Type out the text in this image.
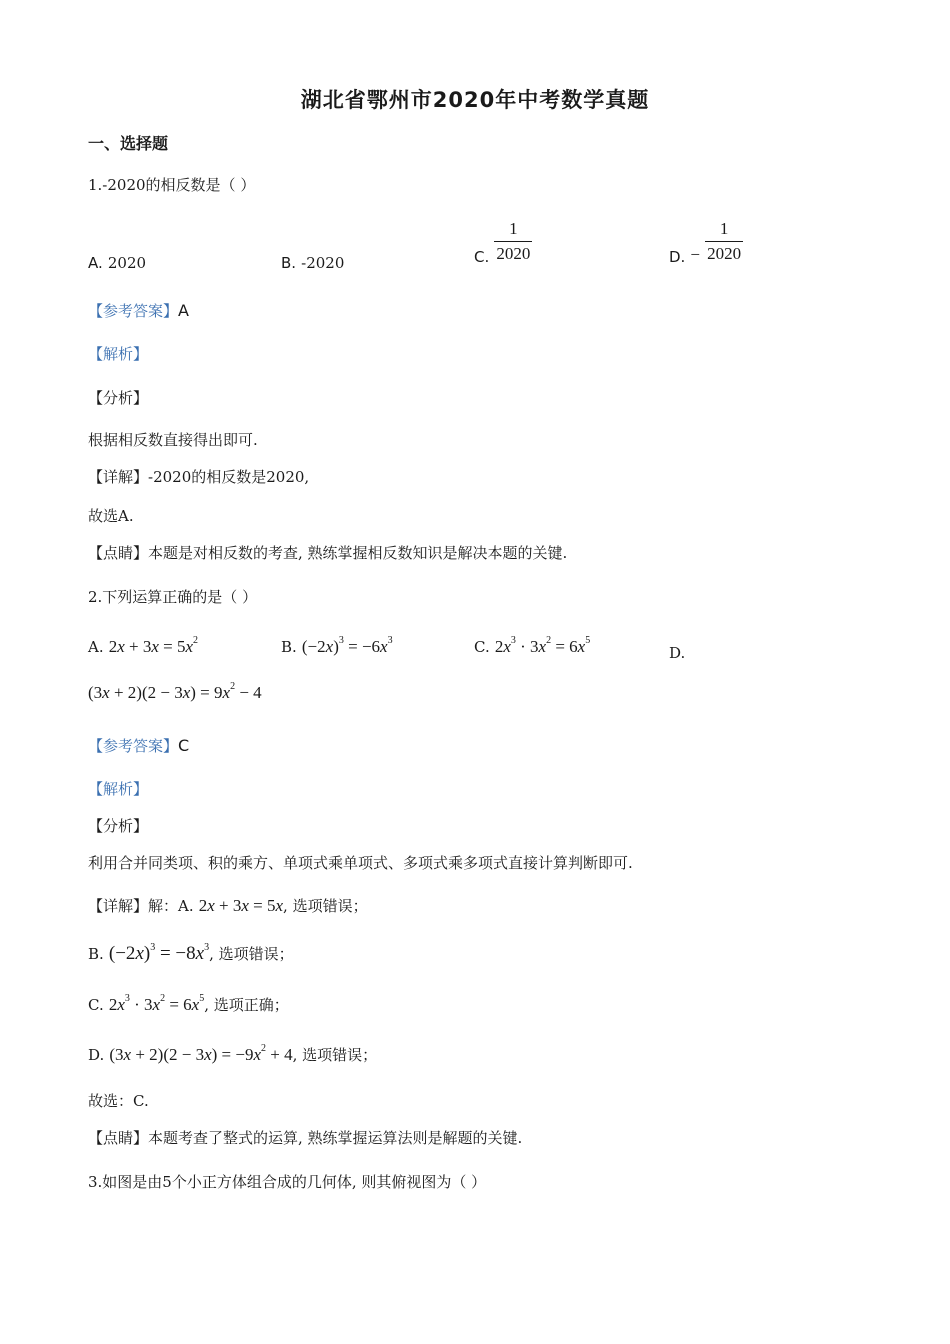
湖北省鄂州市2020年中考数学真题
一、选择题
1.-2020的相反数是（ ）
A. 2020	B. -2020	C. $\frac{1}{2020}$	D. − $\frac{1}{2020}$
【参考答案】A
【解析】
【分析】
根据相反数直接得出即可.
【详解】-2020的相反数是2020,
故选A.
【点睛】本题是对相反数的考查, 熟练掌握相反数知识是解决本题的关键.
2.下列运算正确的是（ ）
A. $2x + 3x = 5x^2$	B. $(-2x)^3 = -6x^3$	C. $2x^3 \cdot 3x^2 = 6x^5$
D.
$(3x + 2)(2 - 3x) = 9x^2 - 4$
【参考答案】C
【解析】
【分析】
利用合并同类项、积的乘方、单项式乘单项式、多项式乘多项式直接计算判断即可.
【详解】解：A. 2x + 3x = 5x, 选项错误；
B. $(-2x)^3 = -8x^3$, 选项错误；
C. $2x^3 \cdot 3x^2 = 6x^5$, 选项正确；
D. $(3x + 2)(2 - 3x) = -9x^2 + 4$, 选项错误；
故选：C.
【点睛】本题考查了整式的运算, 熟练掌握运算法则是解题的关键.
3.如图是由5个小正方体组合成的几何体, 则其俯视图为（ ）
